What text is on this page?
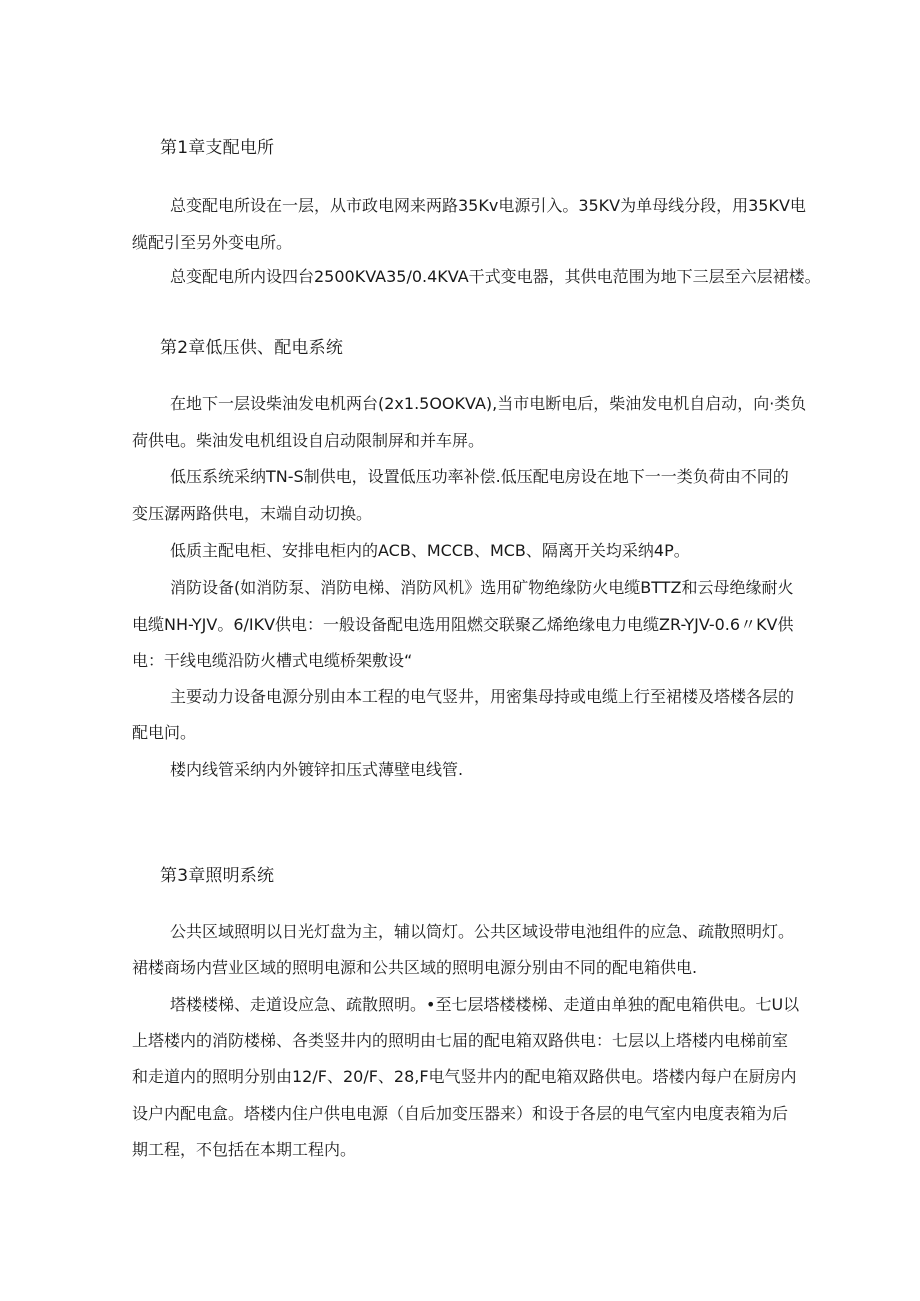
第1章支配电所

总变配电所设在一层，从市政电网来两路35Kv电源引入。35KV为单母线分段，用35KV电

缆配引至另外变电所。

总变配电所内设四台2500KVA35/0.4KVA干式变电器，其供电范围为地下三层至六层裙楼。

第2章低压供、配电系统

在地下一层设柴油发电机两台(2x1.5OOKVA),当市电断电后，柴油发电机自启动，向·类负

荷供电。柴油发电机组设自启动限制屏和并车屏。

低压系统采纳TN-S制供电，设置低压功率补偿.低压配电房设在地下一一类负荷由不同的

变压潺两路供电，末端自动切换。

低质主配电柜、安排电柜内的ACB、MCCB、MCB、隔离开关均采纳4P。

消防设备(如消防泵、消防电梯、消防风机》选用矿物绝缘防火电缆BTTZ和云母绝缘耐火

电缆NH-YJV。6/IKV供电：一般设备配电选用阻燃交联聚乙烯绝缘电力电缆ZR-YJV-0.6〃KV供

电：干线电缆沿防火槽式电缆桥架敷设“

主要动力设备电源分别由本工程的电气竖井，用密集母持或电缆上行至裙楼及塔楼各层的

配电问。

楼内线管采纳内外镀锌扣压式薄壁电线管.

第3章照明系统

公共区域照明以日光灯盘为主，辅以筒灯。公共区域设带电池组件的应急、疏散照明灯。

裙楼商场内营业区域的照明电源和公共区域的照明电源分别由不同的配电箱供电.

塔楼楼梯、走道设应急、疏散照明。•至七层塔楼楼梯、走道由单独的配电箱供电。七U以

上塔楼内的消防楼梯、各类竖井内的照明由七届的配电箱双路供电：七层以上塔楼内电梯前室

和走道内的照明分别由12/F、20/F、28,F电气竖井内的配电箱双路供电。塔楼内每户在厨房内

设户内配电盒。塔楼内住户供电电源（自后加变压器来）和设于各层的电气室内电度表箱为后

期工程，不包括在本期工程内。
